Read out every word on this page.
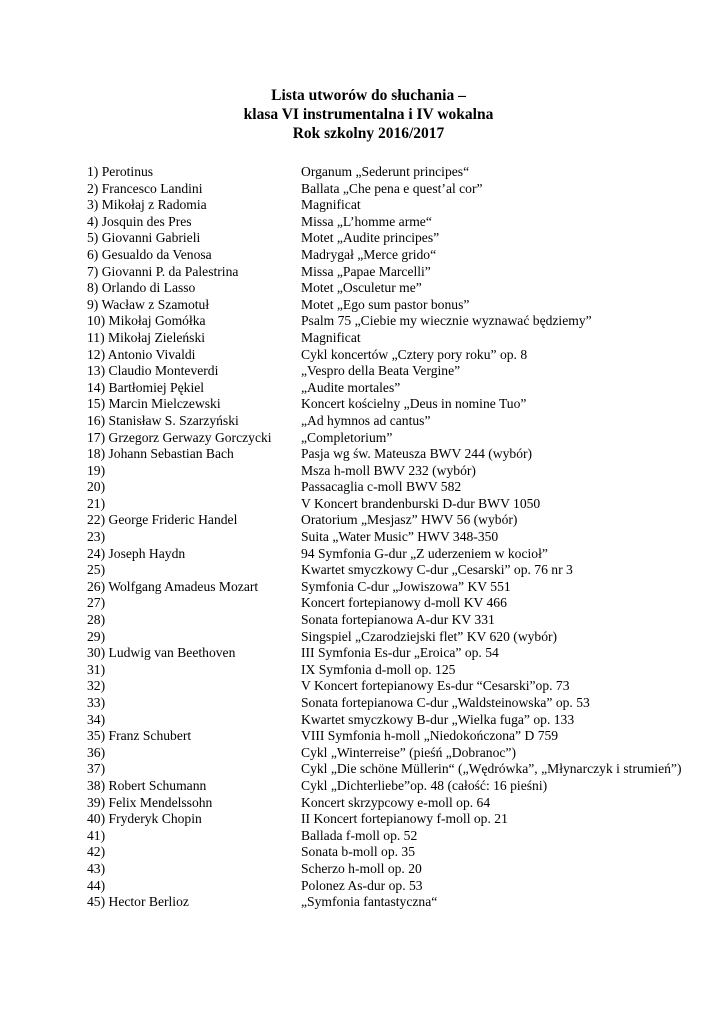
Lista utworów do słuchania –
klasa VI instrumentalna i IV wokalna
Rok szkolny 2016/2017
1) Perotinus	Organum „Sederunt principes“
2) Francesco Landini	Ballata „Che pena e quest’al cor”
3) Mikołaj z Radomia	Magnificat
4) Josquin des Pres	Missa „L’homme arme“
5) Giovanni Gabrieli	Motet „Audite principes”
6) Gesualdo da Venosa	Madrygał „Merce grido“
7) Giovanni P. da Palestrina	Missa „Papae Marcelli”
8) Orlando di Lasso	Motet „Osculetur me”
9) Wacław z Szamotuł	Motet „Ego sum pastor bonus”
10) Mikołaj Gomółka	Psalm 75 „Ciebie my wiecznie wyznawać będziemy”
11) Mikołaj Zieleński	Magnificat
12) Antonio Vivaldi	Cykl koncertów „Cztery pory roku” op. 8
13) Claudio Monteverdi	„Vespro della Beata Vergine”
14) Bartłomiej Pękiel	„Audite mortales”
15) Marcin Mielczewski	Koncert kościelny „Deus in nomine Tuo”
16) Stanisław S. Szarzyński	„Ad hymnos ad cantus”
17) Grzegorz Gerwazy Gorczycki	„Completorium”
18) Johann Sebastian Bach	Pasja wg św. Mateusza BWV 244 (wybór)
19)	Msza h-moll BWV 232 (wybór)
20)	Passacaglia c-moll BWV 582
21)	V Koncert brandenburski D-dur BWV 1050
22) George Frideric Handel	Oratorium „Mesjasz” HWV 56 (wybór)
23)	Suita „Water Music” HWV 348-350
24) Joseph Haydn	94 Symfonia G-dur „Z uderzeniem w kocioł”
25)	Kwartet smyczkowy C-dur „Cesarski” op. 76 nr 3
26) Wolfgang Amadeus Mozart	Symfonia C-dur „Jowiszowa” KV 551
27)	Koncert fortepianowy d-moll KV 466
28)	Sonata fortepianowa A-dur KV 331
29)	Singspiel „Czarodziejski flet” KV 620 (wybór)
30) Ludwig van Beethoven	III Symfonia Es-dur „Eroica” op. 54
31)	IX Symfonia d-moll op. 125
32)	V Koncert fortepianowy Es-dur “Cesarski”op. 73
33)	Sonata fortepianowa C-dur „Waldsteinowska” op. 53
34)	Kwartet smyczkowy B-dur „Wielka fuga” op. 133
35) Franz Schubert	VIII Symfonia h-moll „Niedokończona” D 759
36)	Cykl „Winterreise” (pieśń „Dobranoc”)
37)	Cykl „Die schöne Müllerin“ („Wędrówka”, „Młynarczyk i strumień”)
38) Robert Schumann	Cykl „Dichterliebe”op. 48 (całość: 16 pieśni)
39) Felix Mendelssohn	Koncert skrzypcowy e-moll op. 64
40) Fryderyk Chopin	II Koncert fortepianowy f-moll op. 21
41)	Ballada f-moll op. 52
42)	Sonata b-moll op. 35
43)	Scherzo h-moll op. 20
44)	Polonez As-dur op. 53
45) Hector Berlioz	„Symfonia fantastyczna“
